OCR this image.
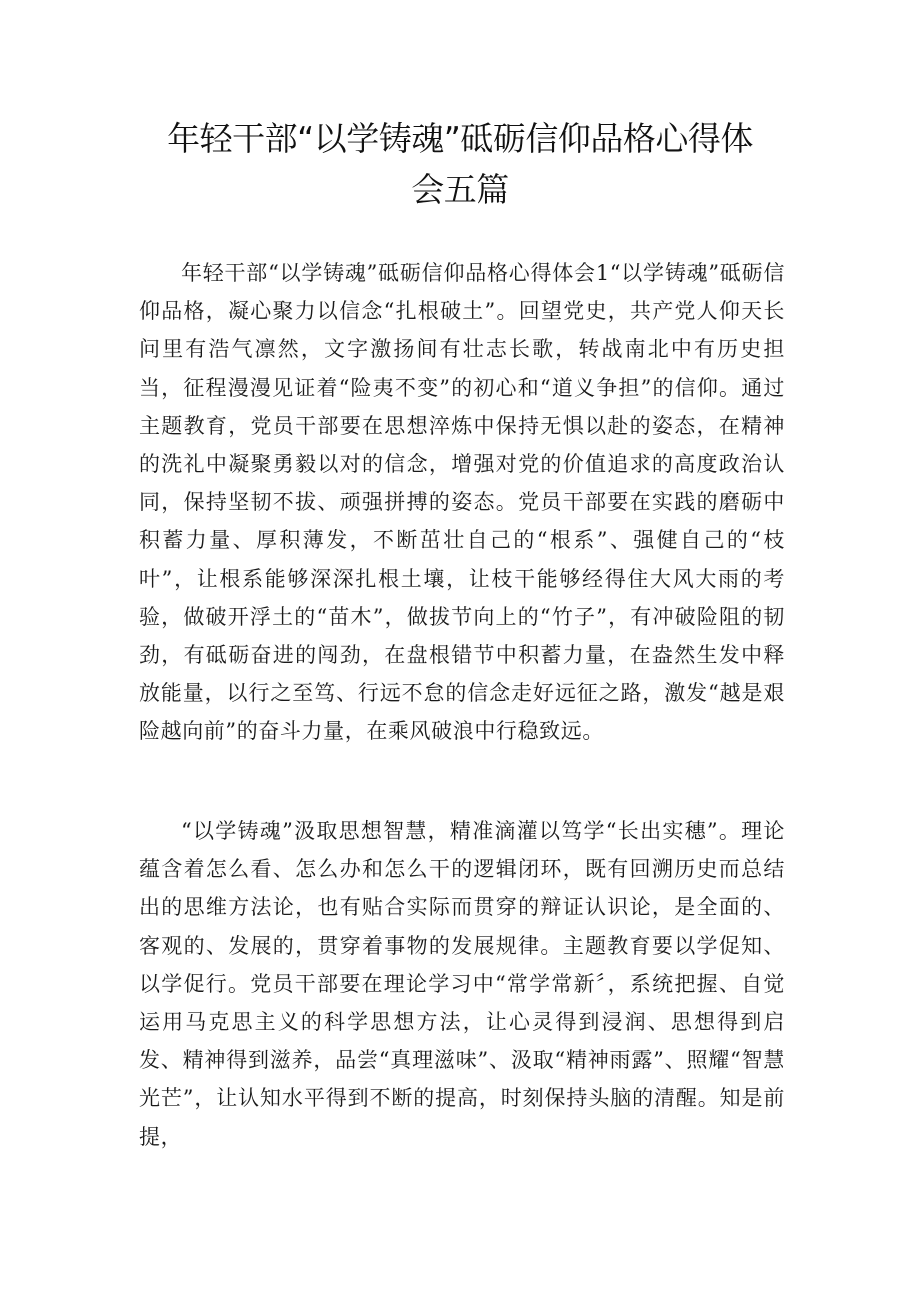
年轻干部“以学铸魂”砥砺信仰品格心得体
会五篇

年轻干部“以学铸魂”砥砺信仰品格心得体会1“以学铸魂”砥砺信仰品格，凝心聚力以信念“扎根破土”。回望党史，共产党人仰天长问里有浩气凛然，文字激扬间有壮志长歌，转战南北中有历史担当，征程漫漫见证着“险夷不变”的初心和“道义争担”的信仰。通过主题教育，党员干部要在思想淬炼中保持无惧以赴的姿态，在精神的洗礼中凝聚勇毅以对的信念，增强对党的价值追求的高度政治认同，保持坚韧不拔、顽强拼搏的姿态。党员干部要在实践的磨砺中积蓄力量、厚积薄发，不断茁壮自己的“根系”、强健自己的“枝叶”，让根系能够深深扎根土壤，让枝干能够经得住大风大雨的考验，做破开浮土的“苗木”，做拔节向上的“竹子”，有冲破险阻的韧劲，有砥砺奋进的闯劲，在盘根错节中积蓄力量，在盎然生发中释放能量，以行之至笃、行远不怠的信念走好远征之路，激发“越是艰险越向前”的奋斗力量，在乘风破浪中行稳致远。

“以学铸魂”汲取思想智慧，精准滴灌以笃学“长出实穗”。理论蕴含着怎么看、怎么办和怎么干的逻辑闭环，既有回溯历史而总结出的思维方法论，也有贴合实际而贯穿的辩证认识论，是全面的、客观的、发展的，贯穿着事物的发展规律。主题教育要以学促知、以学促行。党员干部要在理论学习中“常学常新〞，系统把握、自觉运用马克思主义的科学思想方法，让心灵得到浸润、思想得到启发、精神得到滋养，品尝“真理滋味”、汲取“精神雨露”、照耀“智慧光芒”，让认知水平得到不断的提高，时刻保持头脑的清醒。知是前提，
